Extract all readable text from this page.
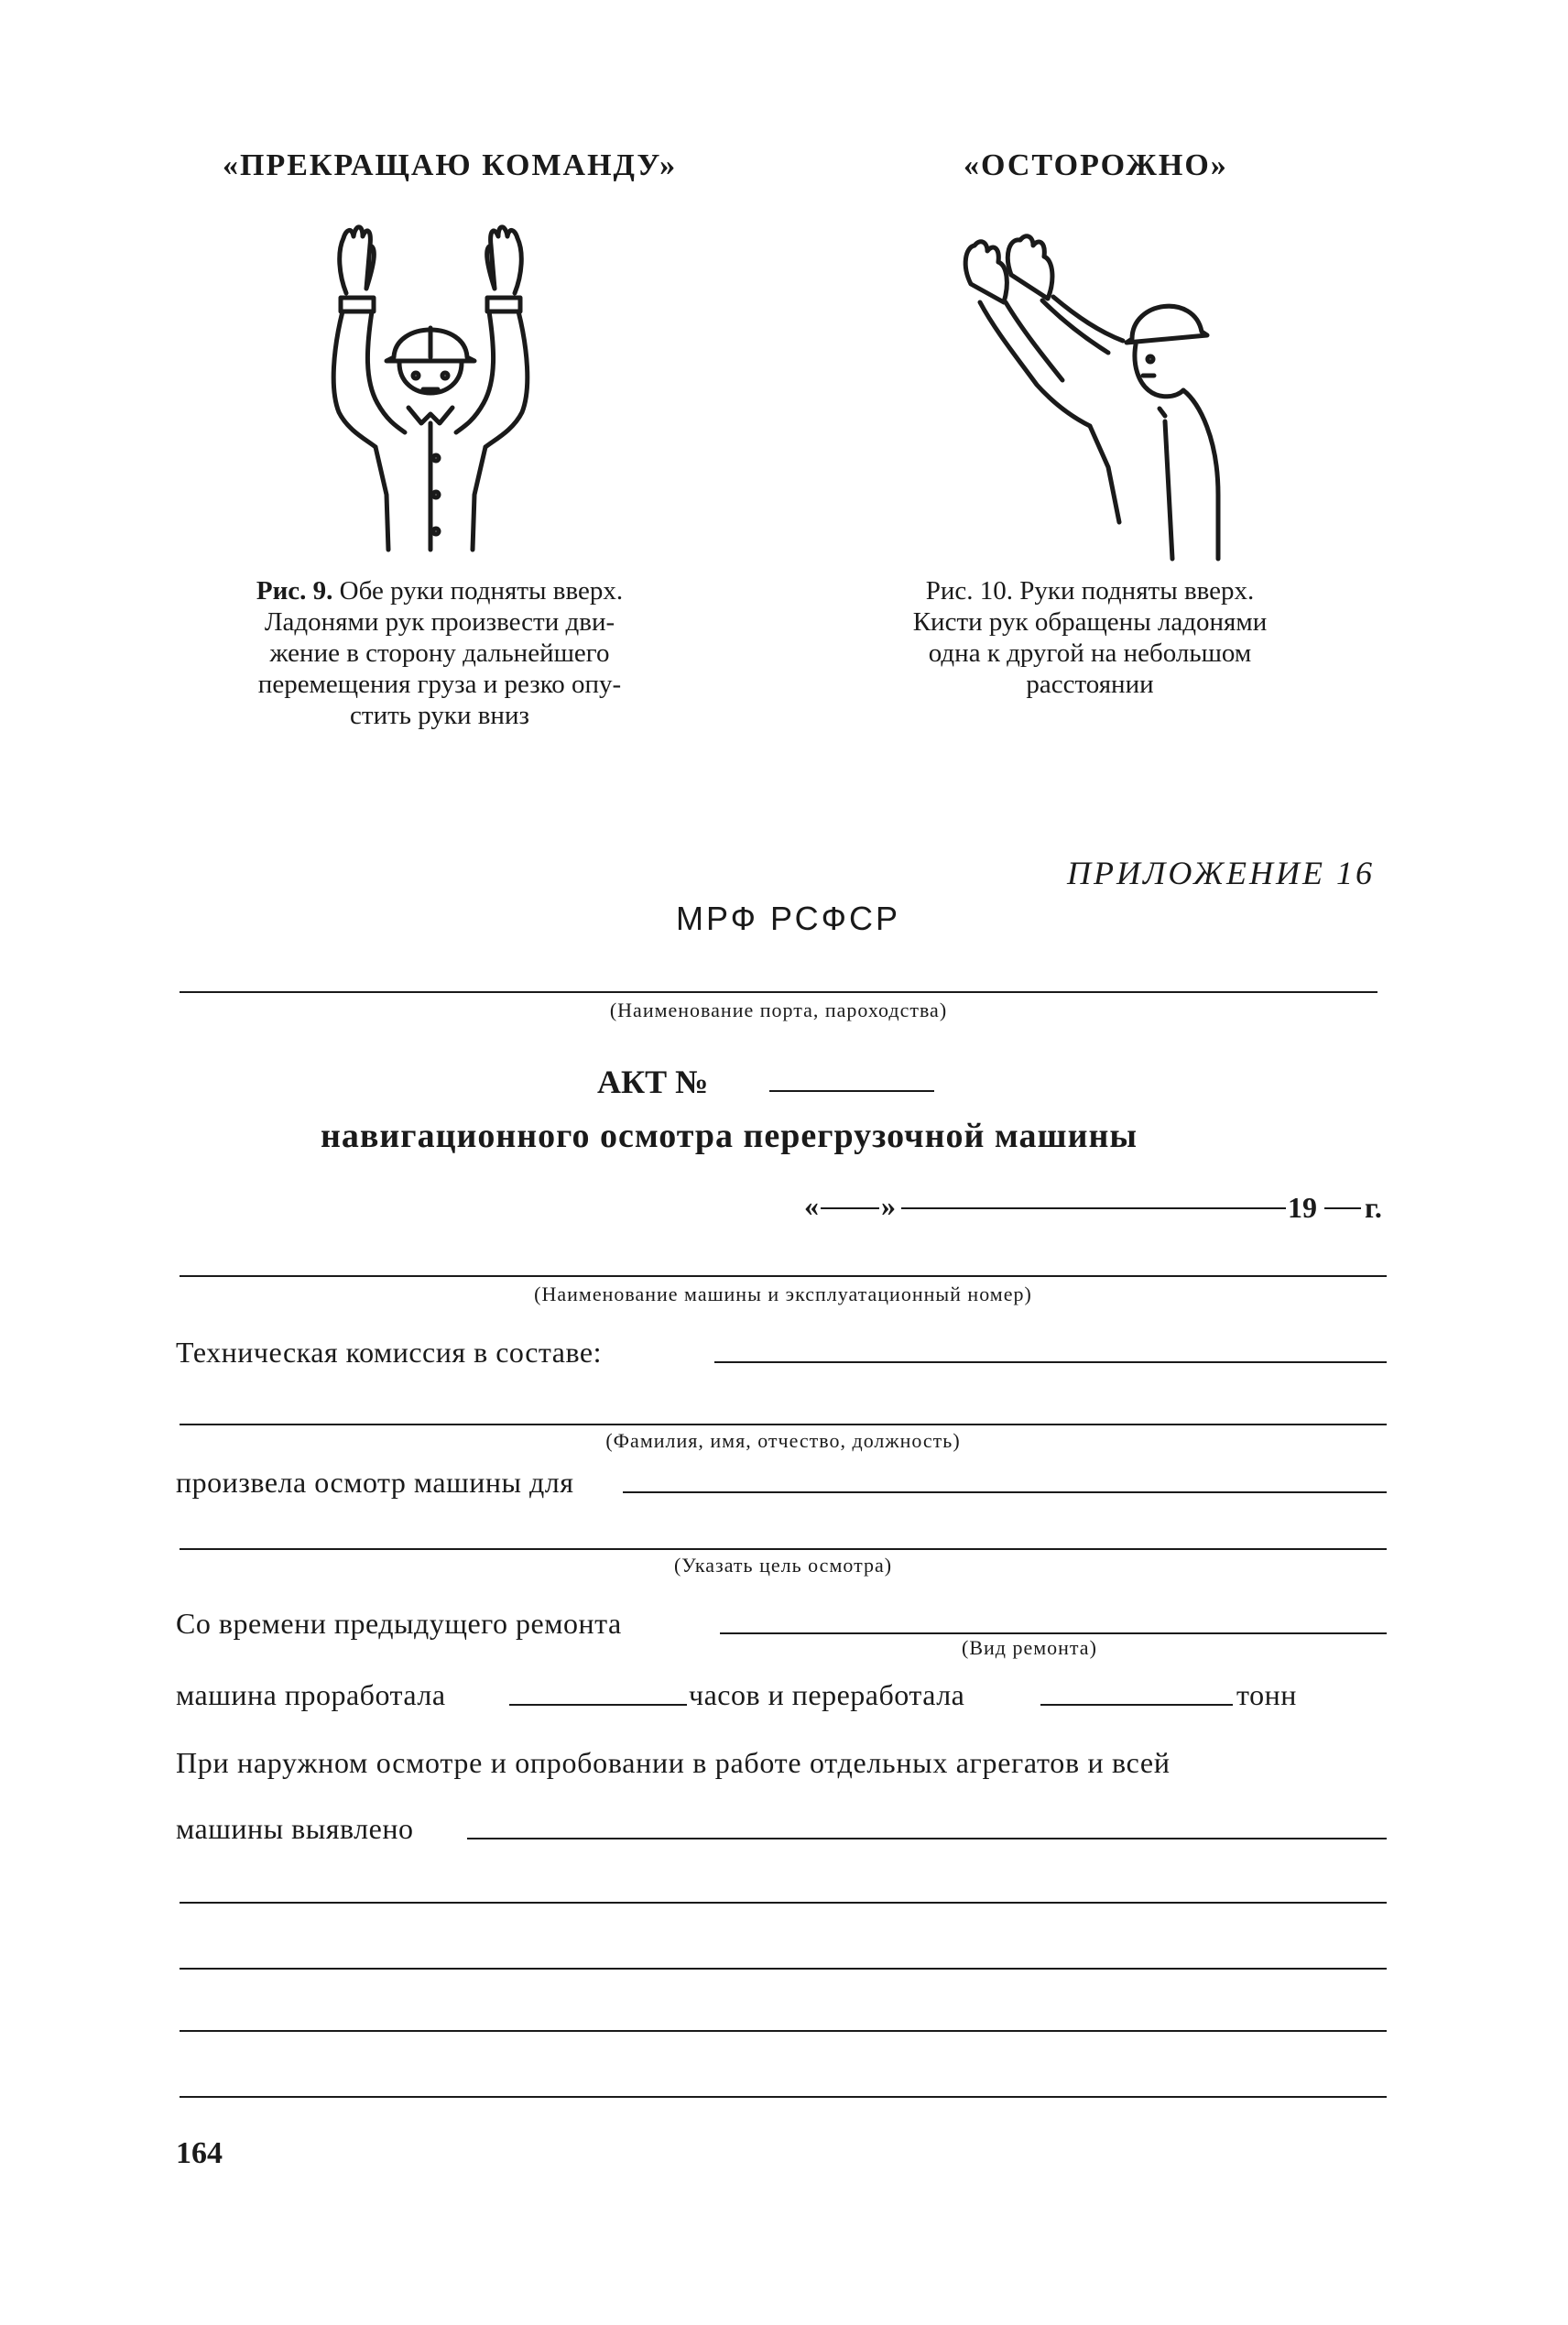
«ПРЕКРАЩАЮ КОМАНДУ»	«ОСТОРОЖНО»
Рис. 9. Обе руки подняты вверх.
Ладонями рук произвести дви-
жение в сторону дальнейшего
перемещения груза и резко опу-
стить руки вниз
Рис. 10. Руки подняты вверх.
Кисти рук обращены ладонями
одна к другой на небольшом
расстоянии
ПРИЛОЖЕНИЕ 16
МРФ РСФСР
(Наименование порта, пароходства)
АКТ №
навигационного осмотра перегрузочной машины
« »	19 г.
(Наименование машины и эксплуатационный номер)
Техническая комиссия в составе:
(Фамилия, имя, отчество, должность)
произвела осмотр машины для
(Указать цель осмотра)
Со времени предыдущего ремонта
(Вид ремонта)
машина проработала	часов и переработала	тонн
При наружном осмотре и опробовании в работе отдельных агрегатов и всей
машины выявлено
164
